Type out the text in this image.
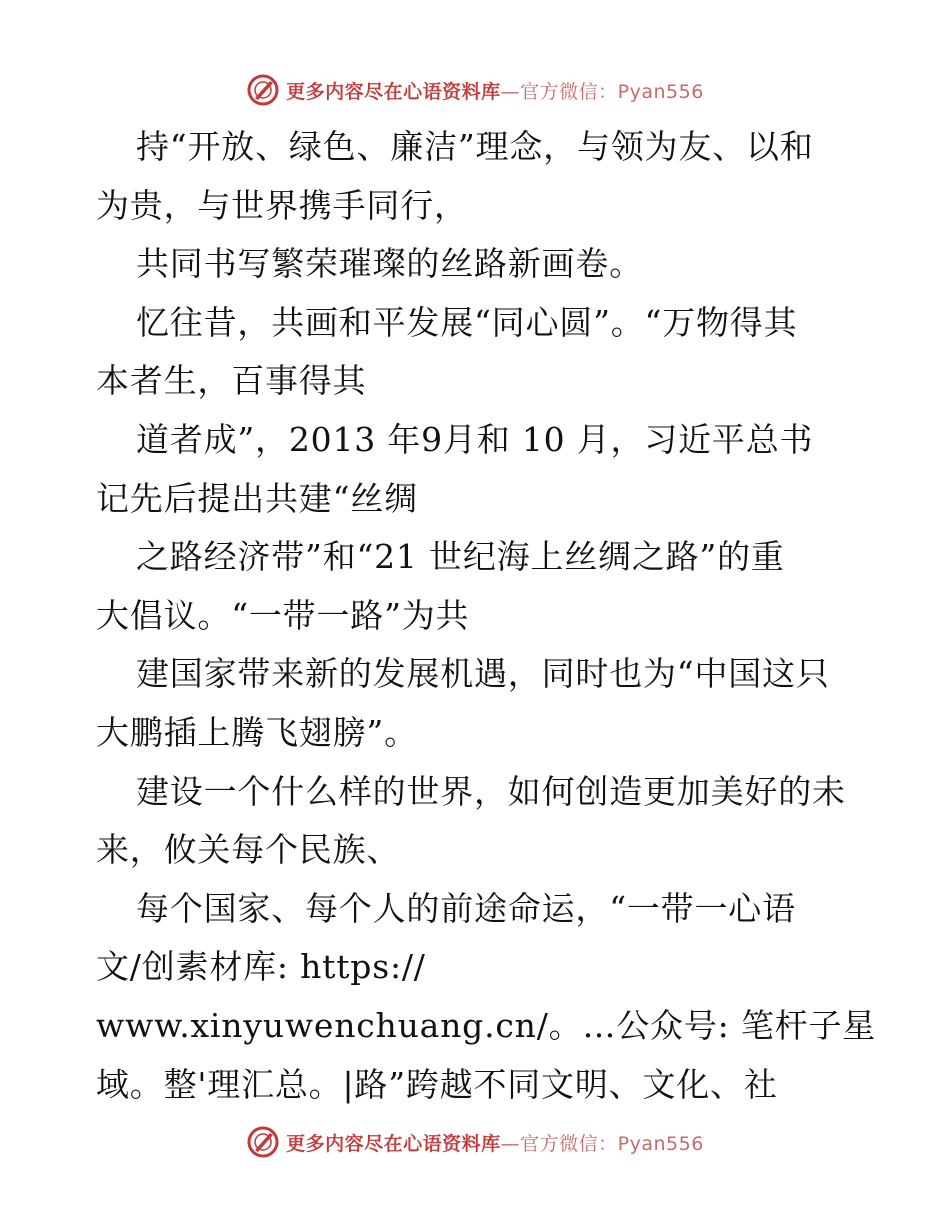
更多内容尽在心语资料库—官方微信：Pyan556
持“开放、绿色、廉洁”理念，与领为友、以和
为贵，与世界携手同行，
共同书写繁荣璀璨的丝路新画卷。
忆往昔，共画和平发展“同心圆”。“万物得其
本者生，百事得其
道者成”，2013 年9月和 10 月，习近平总书
记先后提出共建“丝绸
之路经济带”和“21 世纪海上丝绸之路”的重
大倡议。“一带一路”为共
建国家带来新的发展机遇，同时也为“中国这只
大鹏插上腾飞翅膀”。
建设一个什么样的世界，如何创造更加美好的未
来，攸关每个民族、
每个国家、每个人的前途命运，“一带一心语
文/创素材库: https://
www.xinyuwenchuang.cn/。…公众号: 笔杆子星
域。整'理汇总。|路”跨越不同文明、文化、社
更多内容尽在心语资料库—官方微信：Pyan556
